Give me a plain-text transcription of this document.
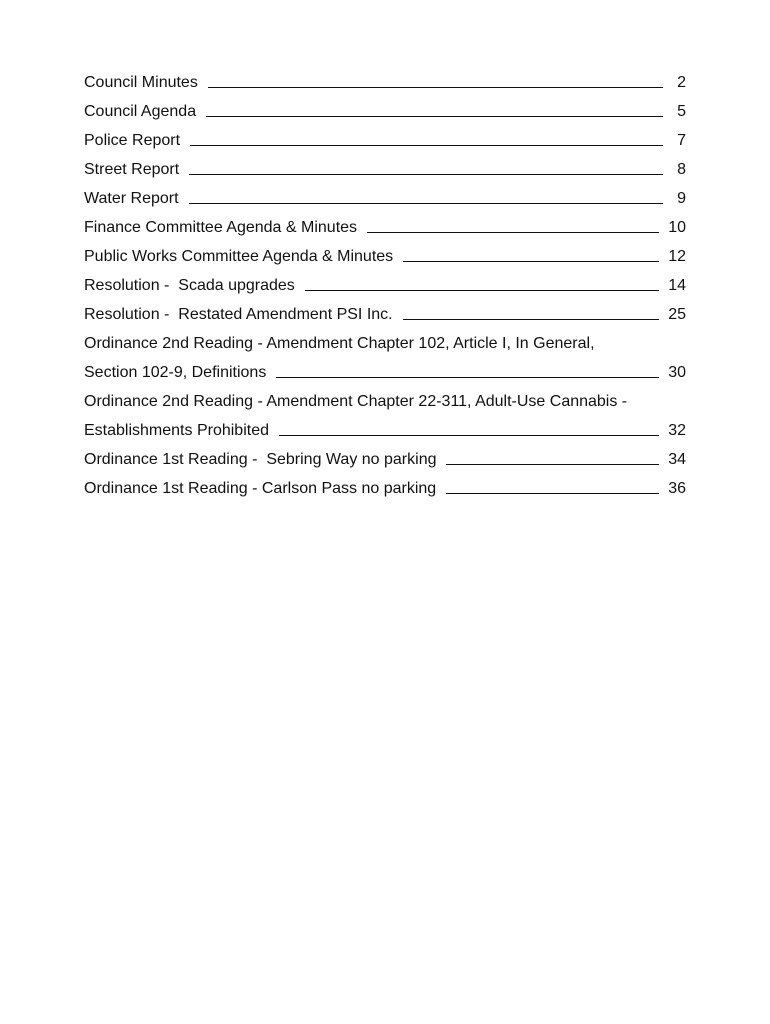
Council Minutes	2
Council Agenda	5
Police Report	7
Street Report	8
Water Report	9
Finance Committee Agenda & Minutes	10
Public Works Committee Agenda & Minutes	12
Resolution -  Scada upgrades	14
Resolution -  Restated Amendment PSI Inc.	25
Ordinance 2nd Reading - Amendment Chapter 102, Article I, In General,
Section 102-9, Definitions	30
Ordinance 2nd Reading - Amendment Chapter 22-311, Adult-Use Cannabis -
Establishments Prohibited	32
Ordinance 1st Reading -  Sebring Way no parking	34
Ordinance 1st Reading - Carlson Pass no parking	36
